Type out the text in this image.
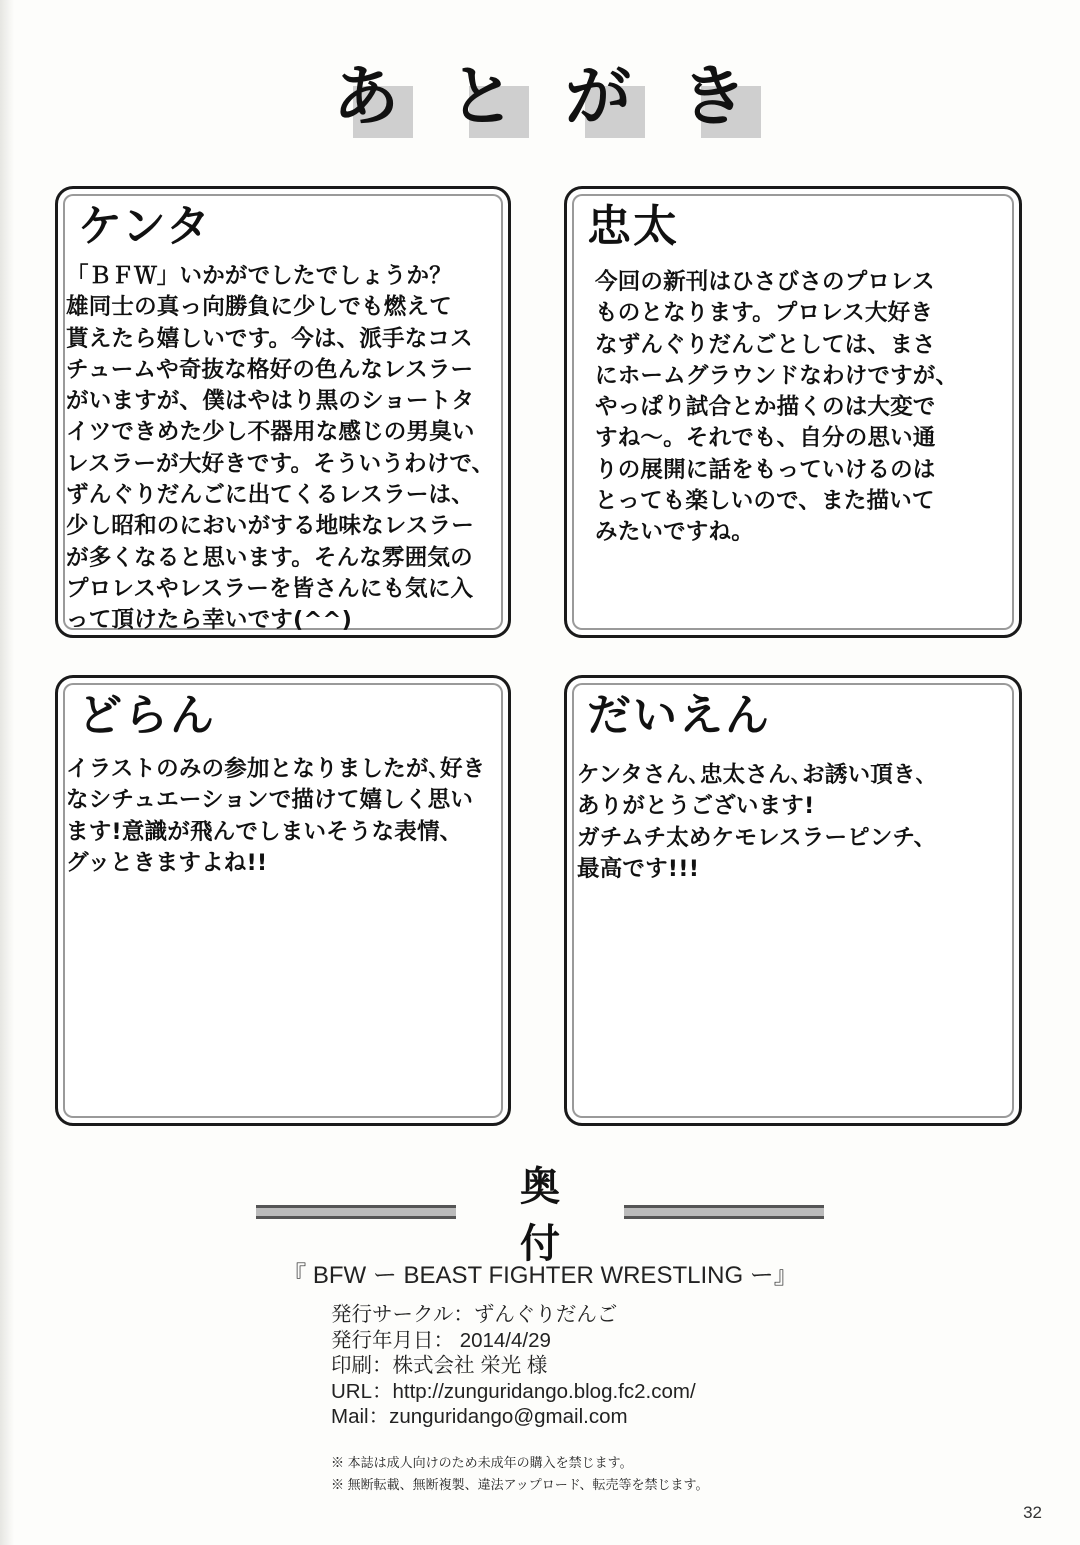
あ と が き
ケンタ
「ＢＦＷ」いかがでしたでしょうか？
雄同士の真っ向勝負に少しでも燃えて
貰えたら嬉しいです。今は、派手なコス
チュームや奇抜な格好の色んなレスラー
がいますが、僕はやはり黒のショートタ
イツできめた少し不器用な感じの男臭い
レスラーが大好きです。そういうわけで、
ずんぐりだんごに出てくるレスラーは、
少し昭和のにおいがする地味なレスラー
が多くなると思います。そんな雰囲気の
プロレスやレスラーを皆さんにも気に入
って頂けたら幸いです(^^)
忠太
今回の新刊はひさびさのプロレス
ものとなります。プロレス大好き
なずんぐりだんごとしては、まさ
にホームグラウンドなわけですが、
やっぱり試合とか描くのは大変で
すね～。それでも、自分の思い通
りの展開に話をもっていけるのは
とっても楽しいので、また描いて
みたいですね。
どらん
イラストのみの参加となりましたが､好き
なシチュエーションで描けて嬉しく思い
ます!意識が飛んでしまいそうな表情、
グッときますよね!!
だいえん
ケンタさん､忠太さん､お誘い頂き､
ありがとうございます!
ガチムチ太めケモレスラーピンチ、
最高です!!!
奥付
『 BFW ー BEAST FIGHTER WRESTLING ー』
発行サークル：ずんぐりだんご
発行年月日： 2014/4/29
印刷：株式会社 栄光 様
URL：http://zunguridango.blog.fc2.com/
Mail：zunguridango@gmail.com
※ 本誌は成人向けのため未成年の購入を禁じます。
※ 無断転載、無断複製、違法アップロード、転売等を禁じます。
32
